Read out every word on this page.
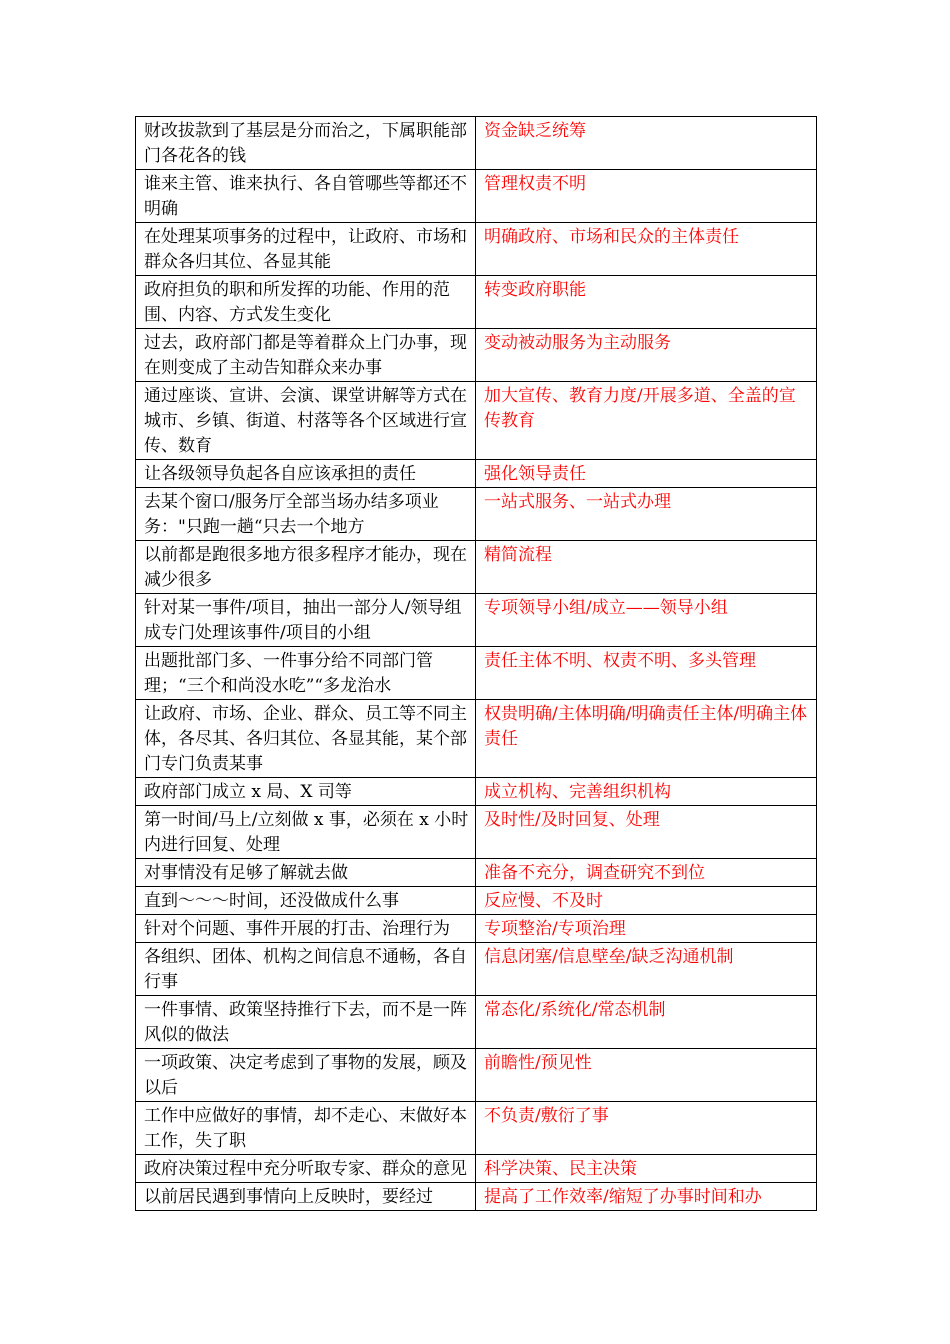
财改拔款到了基层是分而治之，下属职能部门各花各的钱	资金缺乏统筹
谁来主管、谁来执行、各自管哪些等都还不明确	管理权责不明
在处理某项事务的过程中，让政府、市场和群众各归其位、各显其能	明确政府、市场和民众的主体责任
政府担负的职和所发挥的功能、作用的范围、内容、方式发生变化	转变政府职能
过去，政府部门都是等着群众上门办事，现在则变成了主动告知群众来办事	变动被动服务为主动服务
通过座谈、宣讲、会演、课堂讲解等方式在城市、乡镇、街道、村落等各个区域进行宣传、数育	加大宣传、教育力度/开展多道、全盖的宣传教育
让各级领导负起各自应该承担的责任	强化领导责任
去某个窗口/服务厅全部当场办结多项业务："只跑一趟“只去一个地方	一站式服务、一站式办理
以前都是跑很多地方很多程序才能办，现在减少很多	精简流程
针对某一事件/项目，抽出一部分人/领导组成专门处理该事件/项目的小组	专项领导小组/成立——领导小组
出题批部门多、一件事分给不同部门管理；“三个和尚没水吃”“多龙治水	责任主体不明、权责不明、多头管理
让政府、市场、企业、群众、员工等不同主体，各尽其、各归其位、各显其能，某个部门专门负责某事	权贵明确/主体明确/明确责任主体/明确主体责任
政府部门成立 x 局、X 司等	成立机构、完善组织机构
第一时间/马上/立刻做 x 事，必须在 x 小时内进行回复、处理	及时性/及时回复、处理
对事情没有足够了解就去做	准备不充分，调查研究不到位
直到～～～时间，还没做成什么事	反应慢、不及时
针对个问题、事件开展的打击、治理行为	专项整治/专项治理
各组织、团体、机构之间信息不通畅，各自行事	信息闭塞/信息壁垒/缺乏沟通机制
一件事情、政策坚持推行下去，而不是一阵风似的做法	常态化/系统化/常态机制
一项政策、决定考虑到了事物的发展，顾及以后	前瞻性/预见性
工作中应做好的事情，却不走心、末做好本工作，失了职	不负责/敷衍了事
政府决策过程中充分听取专家、群众的意见	科学决策、民主决策
以前居民遇到事情向上反映时，要经过	提高了工作效率/缩短了办事时间和办
